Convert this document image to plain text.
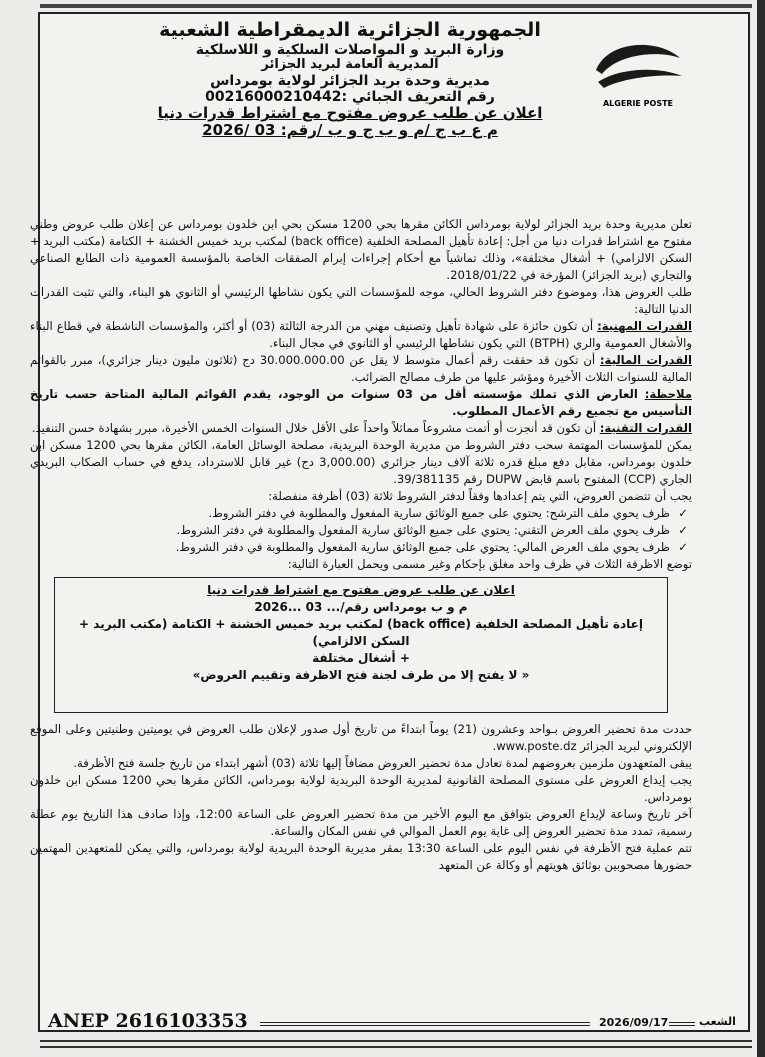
ALGERIE POSTE
الجمهورية الجزائرية الديمقراطية الشعبية
وزارة البريد و المواصلات السلكية و اللاسلكية
المديرية العامة لبريد الجزائر
مديرية وحدة بريد الجزائر لولاية بومرداس
رقم التعريف الجبائي :00216000210442
اعلان عن طلب عروض مفتوح مع اشتراط قدرات دنيا
م ع ب ج /م و ب ج و ب /رقم: 03 /2026

تعلن مديرية وحدة بريد الجزائر لولاية بومرداس الكائن مقرها بحي 1200 مسكن بحي ابن خلدون بومرداس عن إعلان طلب عروض وطني مفتوح مع اشتراط قدرات دنيا من أجل: إعادة تأهيل المصلحة الخلفية (back office) لمكتب بريد خميس الخشنة + الكتامة (مكتب البريد + السكن الالزامي) + أشغال مختلفة»، وذلك تماشياً مع أحكام إجراءات إبرام الصفقات الخاصة بالمؤسسة العمومية ذات الطابع الصناعي والتجاري (بريد الجزائر) المؤرخة في 2018/01/22.

طلب العروض هذا، وموضوع دفتر الشروط الحالي، موجه للمؤسسات التي يكون نشاطها الرئيسي أو الثانوي هو البناء، والتي تثبت القدرات الدنيا التالية:

القدرات المهنية: أن تكون حائزة على شهادة تأهيل وتصنيف مهني من الدرجة الثالثة (03) أو أكثر، والمؤسسات الناشطة في قطاع البناء والأشغال العمومية والري (BTPH) التي يكون نشاطها الرئيسي أو الثانوي في مجال البناء.

القدرات المالية: أن تكون قد حققت رقم أعمال متوسط لا يقل عن 30.000.000.00 دج (ثلاثون مليون دينار جزائري)، مبرر بالقوائم المالية للسنوات الثلاث الأخيرة ومؤشر عليها من طرف مصالح الضرائب.

ملاحظة: العارض الذي تملك مؤسسته أقل من 03 سنوات من الوجود، يقدم القوائم المالية المتاحة حسب تاريخ التأسيس مع تجميع رقم الأعمال المطلوب.

القدرات التقنية: أن تكون قد أنجزت أو أتمت مشروعاً مماثلاً واحداً على الأقل خلال السنوات الخمس الأخيرة، مبرر بشهادة حسن التنفيذ.

يمكن للمؤسسات المهتمة سحب دفتر الشروط من مديرية الوحدة البريدية، مصلحة الوسائل العامة، الكائن مقرها بحي 1200 مسكن ابن خلدون بومرداس، مقابل دفع مبلغ قدره ثلاثة آلاف دينار جزائري (3,000.00 دج) غير قابل للاسترداد، يدفع في حساب الصكاب البريدي الجاري (CCP) المفتوح باسم قابض DUPW رقم 39/381135.

يجب أن تتضمن العروض، التي يتم إعدادها وفقاً لدفتر الشروط ثلاثة (03) أظرفة منفصلة:

✓ ظرف يحوي ملف الترشح: يحتوي على جميع الوثائق سارية المفعول والمطلوبة في دفتر الشروط.
✓ ظرف يحوي ملف العرض التقني: يحتوي على جميع الوثائق سارية المفعول والمطلوبة في دفتر الشروط.
✓ ظرف يحوي ملف العرض المالي: يحتوي على جميع الوثائق سارية المفعول والمطلوبة في دفتر الشروط.

توضع الاظرفة الثلاث في ظرف واحد مغلق بإحكام وغير مسمى ويحمل العبارة التالية:

اعلان عن طلب عروض مفتوح مع اشتراط قدرات دنيا
م و ب بومرداس رقم/... 03 ...2026
إعادة تأهيل المصلحة الخلفية (back office) لمكتب بريد خميس الخشنة + الكتامة (مكتب البريد + السكن الالزامي)
+ أشغال مختلفة
« لا يفتح إلا من طرف لجنة فتح الاظرفة وتقييم العروض»

حددت مدة تحضير العروض بـواحد وعشرون (21) يوماً ابتداءً من تاريخ أول صدور لإعلان طلب العروض في يوميتين وطنيتين وعلى الموقع الإلكتروني لبريد الجزائر www.poste.dz.

يبقى المتعهدون ملزمين بعروضهم لمدة تعادل مدة تحضير العروض مضافاً إليها ثلاثة (03) أشهر ابتداء من تاريخ جلسة فتح الأظرفة.

يجب إيداع العروض على مستوى المصلحة القانونية لمديرية الوحدة البريدية لولاية بومرداس، الكائن مقرها بحي 1200 مسكن ابن خلدون بومرداس.

آخر تاريخ وساعة لإيداع العروض يتوافق مع اليوم الأخير من مدة تحضير العروض على الساعة 12:00، وإذا صادف هذا التاريخ يوم عطلة رسمية، تمدد مدة تحضير العروض إلى غاية يوم العمل الموالي في نفس المكان والساعة.

تتم عملية فتح الأظرفة في نفس اليوم على الساعة 13:30 بمقر مديرية الوحدة البريدية لولاية بومرداس، والتي يمكن للمتعهدين المهتمين حضورها مصحوبين بوثائق هويتهم أو وكالة عن المتعهد

ANEP 2616103353	2026/09/17	الشعب
